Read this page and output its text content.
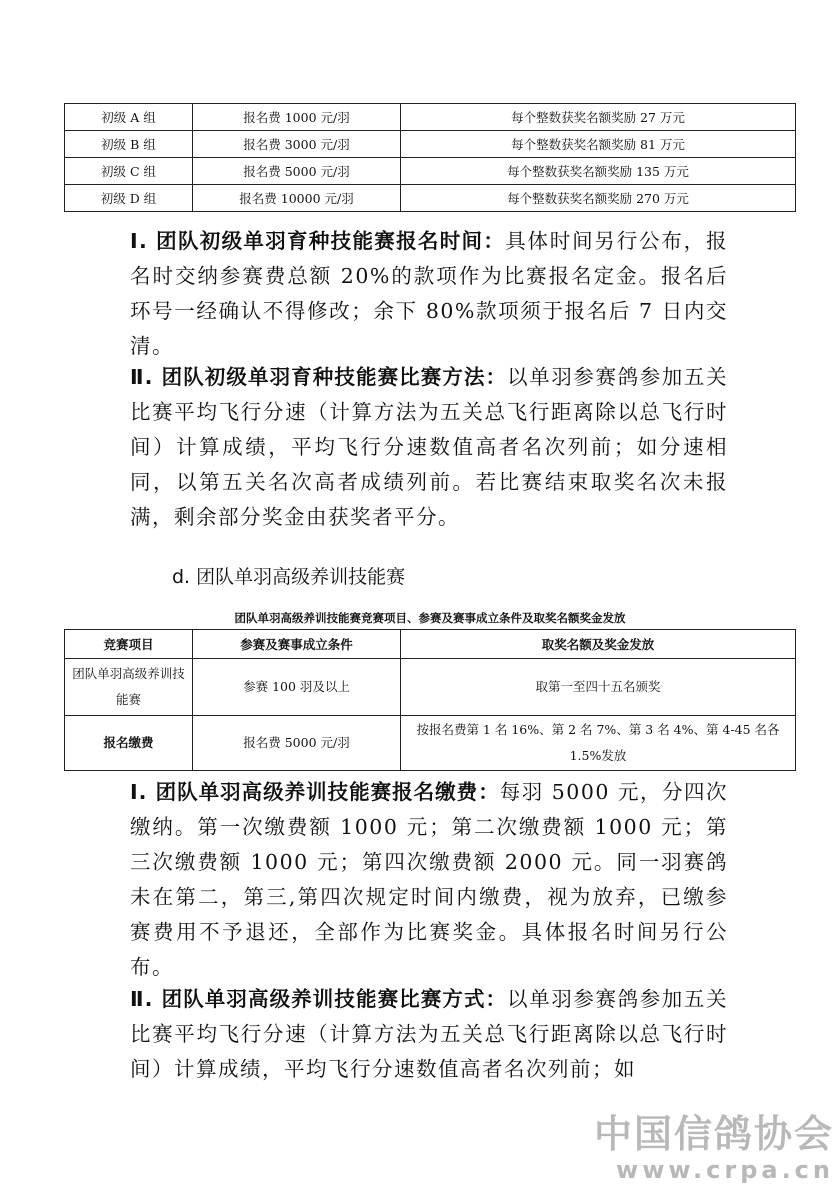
初级 A 组	报名费 1000 元/羽	每个整数获奖名额奖励 27 万元
初级 B 组	报名费 3000 元/羽	每个整数获奖名额奖励 81 万元
初级 C 组	报名费 5000 元/羽	每个整数获奖名额奖励 135 万元
初级 D 组	报名费 10000 元/羽	每个整数获奖名额奖励 270 万元

Ⅰ. 团队初级单羽育种技能赛报名时间：具体时间另行公布，报名时交纳参赛费总额 20%的款项作为比赛报名定金。报名后环号一经确认不得修改；余下 80%款项须于报名后 7 日内交清。

Ⅱ. 团队初级单羽育种技能赛比赛方法：以单羽参赛鸽参加五关比赛平均飞行分速（计算方法为五关总飞行距离除以总飞行时间）计算成绩，平均飞行分速数值高者名次列前；如分速相同，以第五关名次高者成绩列前。若比赛结束取奖名次未报满，剩余部分奖金由获奖者平分。

d. 团队单羽高级养训技能赛

团队单羽高级养训技能赛竞赛项目、参赛及赛事成立条件及取奖名额奖金发放

竞赛项目	参赛及赛事成立条件	取奖名额及奖金发放
团队单羽高级养训技能赛	参赛 100 羽及以上	取第一至四十五名颁奖
报名缴费	报名费 5000 元/羽	按报名费第 1 名 16%、第 2 名 7%、第 3 名 4%、第 4-45 名各 1.5%发放

Ⅰ. 团队单羽高级养训技能赛报名缴费：每羽 5000 元，分四次缴纳。第一次缴费额 1000 元；第二次缴费额 1000 元；第三次缴费额 1000 元；第四次缴费额 2000 元。同一羽赛鸽未在第二，第三,第四次规定时间内缴费，视为放弃，已缴参赛费用不予退还，全部作为比赛奖金。具体报名时间另行公布。

Ⅱ. 团队单羽高级养训技能赛比赛方式：以单羽参赛鸽参加五关比赛平均飞行分速（计算方法为五关总飞行距离除以总飞行时间）计算成绩，平均飞行分速数值高者名次列前；如

中国信鸽协会

www.crpa.cn
